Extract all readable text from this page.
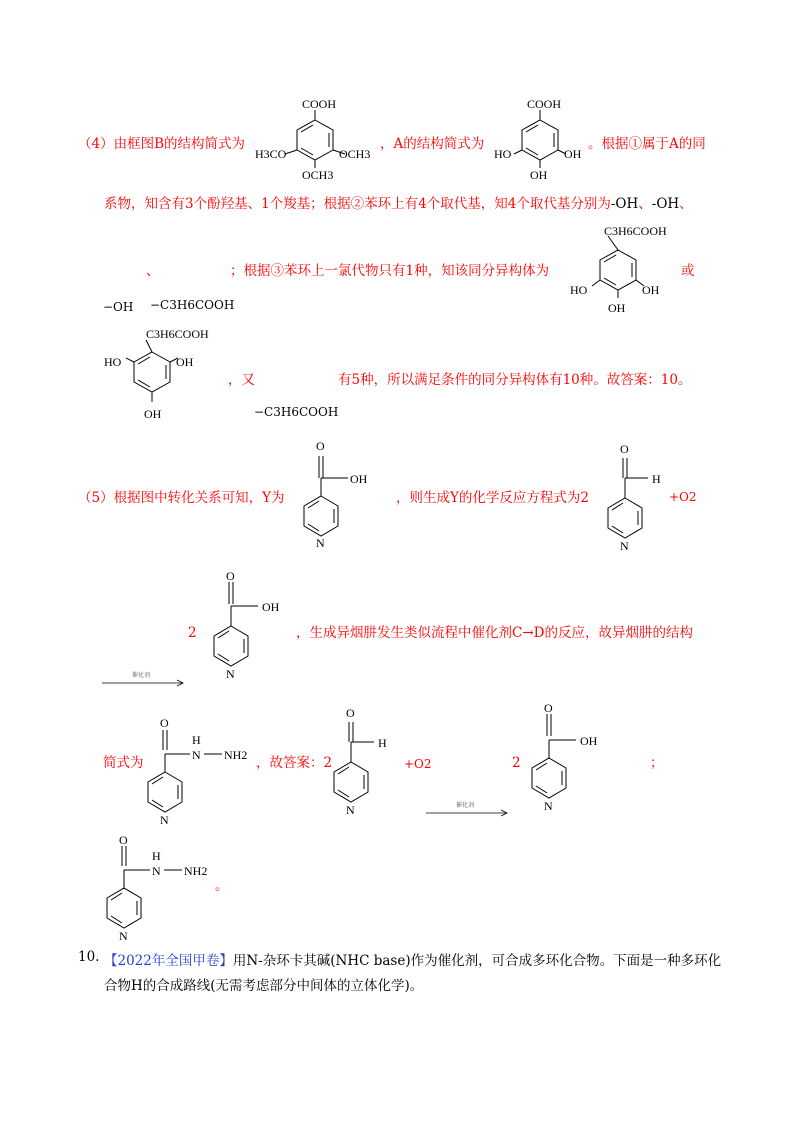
（4）由框图B的结构简式为
COOH
H3CO	OCH3
OCH3
，A的结构简式为
COOH
HO	OH
OH
。根据①属于A的同
系物，知含有3个酚羟基、1个羧基；根据②苯环上有4个取代基，知4个取代基分别为-OH、-OH、
、	；根据③苯环上一氯代物只有1种，知该同分异构体为
C3H6COOH
HO	OH
OH
或
−OH −C3H6COOH
C3H6COOH
HO	OH
OH
，又	有5种，所以满足条件的同分异构体有10种。故答案：10。
−C3H6COOH
（5）根据图中转化关系可知，Y为
O
OH
N
，则生成Y的化学反应方程式为2
O
H
N
+O2
2
O
OH
N
，生成异烟肼发生类似流程中催化剂C→D的反应，故异烟肼的结构
催化剂
简式为
O
H
N NH2
N
，故答案：2
O
H
N
+O2
催化剂
2
O
OH
N
；
O
H
N NH2
N
。
10. 【2022年全国甲卷】用N-杂环卡其碱(NHC base)作为催化剂，可合成多环化合物。下面是一种多环化
合物H的合成路线(无需考虑部分中间体的立体化学)。
